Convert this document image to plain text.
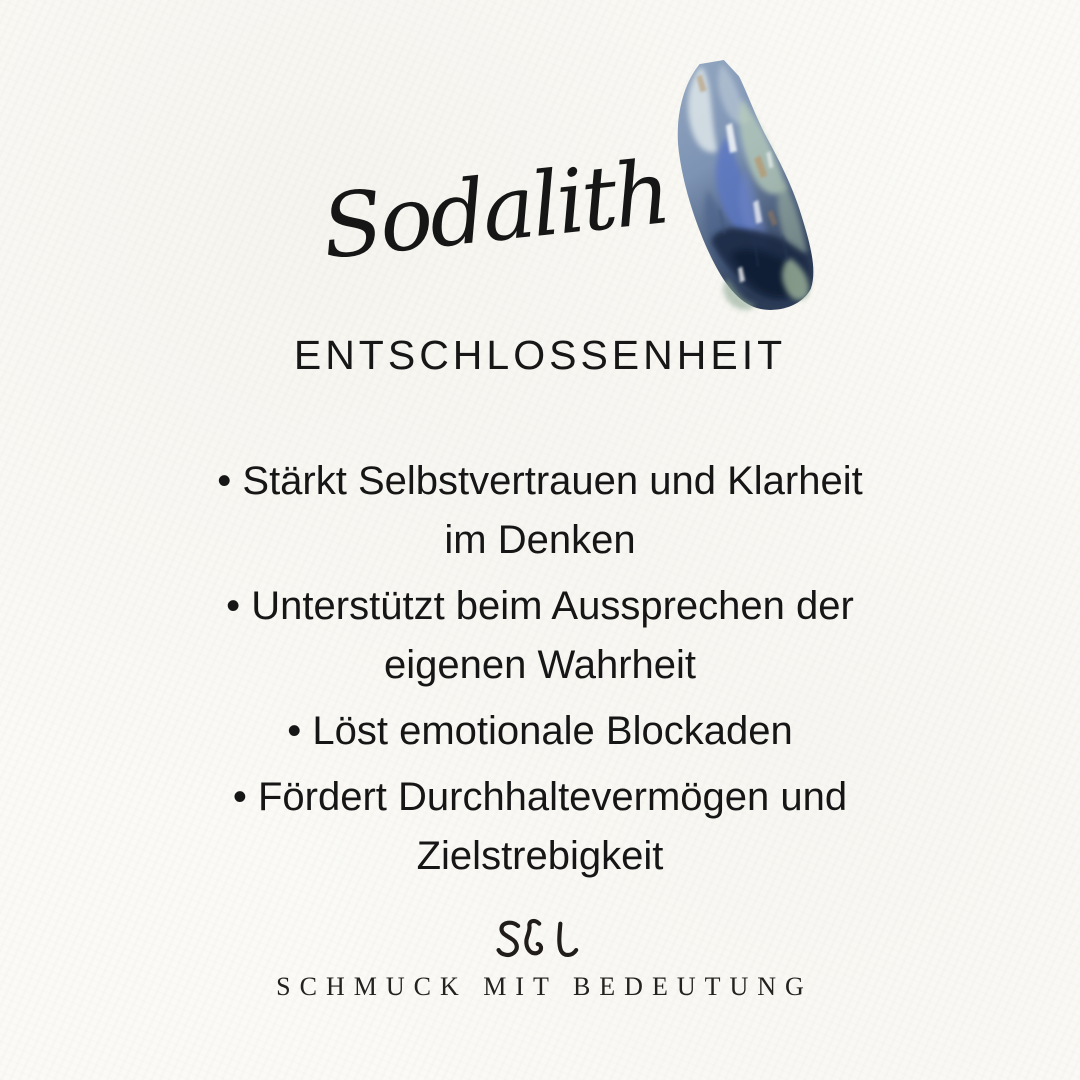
Sodalith
ENTSCHLOSSENHEIT
• Stärkt Selbstvertrauen und Klarheit
im Denken
• Unterstützt beim Aussprechen der
eigenen Wahrheit
• Löst emotionale Blockaden
• Fördert Durchhaltevermögen und
Zielstrebigkeit
SCHMUCK MIT BEDEUTUNG
